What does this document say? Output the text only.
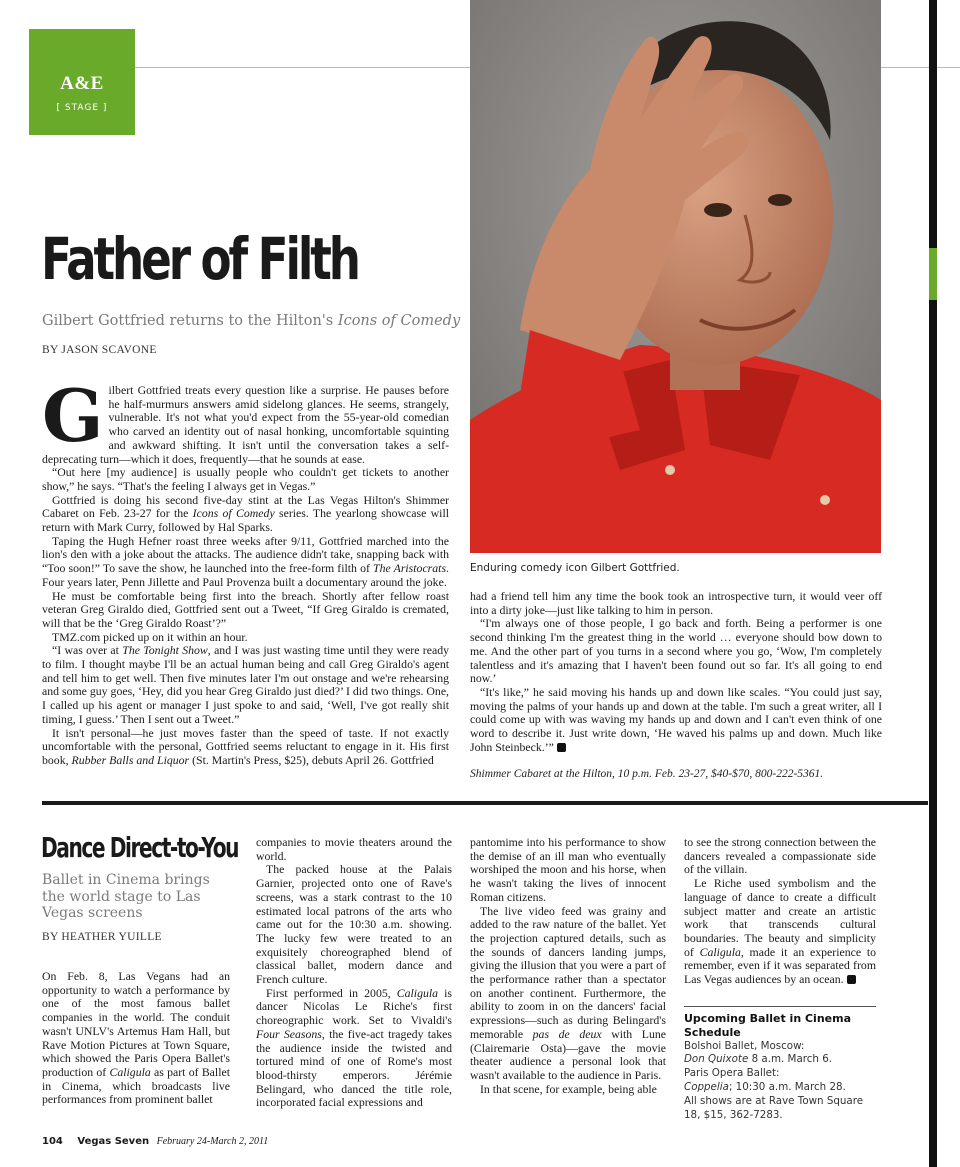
A&E
[ STAGE ]
Enduring comedy icon Gilbert Gottfried.
Father of Filth
Gilbert Gottfried returns to the Hilton's Icons of Comedy
BY JASON SCAVONE

Gilbert Gottfried treats every question like a surprise. He pauses before he half-murmurs answers amid sidelong glances. He seems, strangely, vulnerable. It's not what you'd expect from the 55-year-old comedian who carved an identity out of nasal honking, uncomfortable squinting and awkward shifting. It isn't until the conversation takes a self-deprecating turn—which it does, frequently—that he sounds at ease.

“Out here [my audience] is usually people who couldn't get tickets to another show,” he says. “That's the feeling I always get in Vegas.”

Gottfried is doing his second five-day stint at the Las Vegas Hilton's Shimmer Cabaret on Feb. 23-27 for the Icons of Comedy series. The yearlong showcase will return with Mark Curry, followed by Hal Sparks.

Taping the Hugh Hefner roast three weeks after 9/11, Gottfried marched into the lion's den with a joke about the attacks. The audience didn't take, snapping back with “Too soon!” To save the show, he launched into the free-form filth of The Aristocrats. Four years later, Penn Jillette and Paul Provenza built a documentary around the joke.

He must be comfortable being first into the breach. Shortly after fellow roast veteran Greg Giraldo died, Gottfried sent out a Tweet, “If Greg Giraldo is cremated, will that be the ‘Greg Giraldo Roast’?”

TMZ.com picked up on it within an hour.

“I was over at The Tonight Show, and I was just wasting time until they were ready to film. I thought maybe I'll be an actual human being and call Greg Giraldo's agent and tell him to get well. Then five minutes later I'm out onstage and we're rehearsing and some guy goes, ‘Hey, did you hear Greg Giraldo just died?’ I did two things. One, I called up his agent or manager I just spoke to and said, ‘Well, I've got really shit timing, I guess.’ Then I sent out a Tweet.”

It isn't personal—he just moves faster than the speed of taste. If not exactly uncomfortable with the personal, Gottfried seems reluctant to engage in it. His first book, Rubber Balls and Liquor (St. Martin's Press, $25), debuts April 26. Gottfried

had a friend tell him any time the book took an introspective turn, it would veer off into a dirty joke—just like talking to him in person.

“I'm always one of those people, I go back and forth. Being a performer is one second thinking I'm the greatest thing in the world … everyone should bow down to me. And the other part of you turns in a second where you go, ‘Wow, I'm completely talentless and it's amazing that I haven't been found out so far. It's all going to end now.’

“It's like,” he said moving his hands up and down like scales. “You could just say, moving the palms of your hands up and down at the table. I'm such a great writer, all I could come up with was waving my hands up and down and I can't even think of one word to describe it. Just write down, ‘He waved his palms up and down. Much like John Steinbeck.’”

Shimmer Cabaret at the Hilton, 10 p.m. Feb. 23-27, $40-$70, 800-222-5361.

Dance Direct-to-You
Ballet in Cinema brings the world stage to Las Vegas screens
BY HEATHER YUILLE

On Feb. 8, Las Vegans had an opportunity to watch a performance by one of the most famous ballet companies in the world. The conduit wasn't UNLV's Artemus Ham Hall, but Rave Motion Pictures at Town Square, which showed the Paris Opera Ballet's production of Caligula as part of Ballet in Cinema, which broadcasts live performances from prominent ballet

companies to movie theaters around the world.

The packed house at the Palais Garnier, projected onto one of Rave's screens, was a stark contrast to the 10 estimated local patrons of the arts who came out for the 10:30 a.m. showing. The lucky few were treated to an exquisitely choreographed blend of classical ballet, modern dance and French culture.

First performed in 2005, Caligula is dancer Nicolas Le Riche's first choreographic work. Set to Vivaldi's Four Seasons, the five-act tragedy takes the audience inside the twisted and tortured mind of one of Rome's most blood-thirsty emperors. Jérémie Belingard, who danced the title role, incorporated facial expressions and

pantomime into his performance to show the demise of an ill man who eventually worshiped the moon and his horse, when he wasn't taking the lives of innocent Roman citizens.

The live video feed was grainy and added to the raw nature of the ballet. Yet the projection captured details, such as the sounds of dancers landing jumps, giving the illusion that you were a part of the performance rather than a spectator on another continent. Furthermore, the ability to zoom in on the dancers' facial expressions—such as during Belingard's memorable pas de deux with Lune (Clairemarie Osta)—gave the movie theater audience a personal look that wasn't available to the audience in Paris.

In that scene, for example, being able

to see the strong connection between the dancers revealed a compassionate side of the villain.

Le Riche used symbolism and the language of dance to create a difficult subject matter and create an artistic work that transcends cultural boundaries. The beauty and simplicity of Caligula, made it an experience to remember, even if it was separated from Las Vegas audiences by an ocean.

Upcoming Ballet in Cinema Schedule
Bolshoi Ballet, Moscow:
Don Quixote 8 a.m. March 6.
Paris Opera Ballet:
Coppelia; 10:30 a.m. March 28.
All shows are at Rave Town Square 18, $15, 362-7283.
104 Vegas Seven February 24-March 2, 2011
